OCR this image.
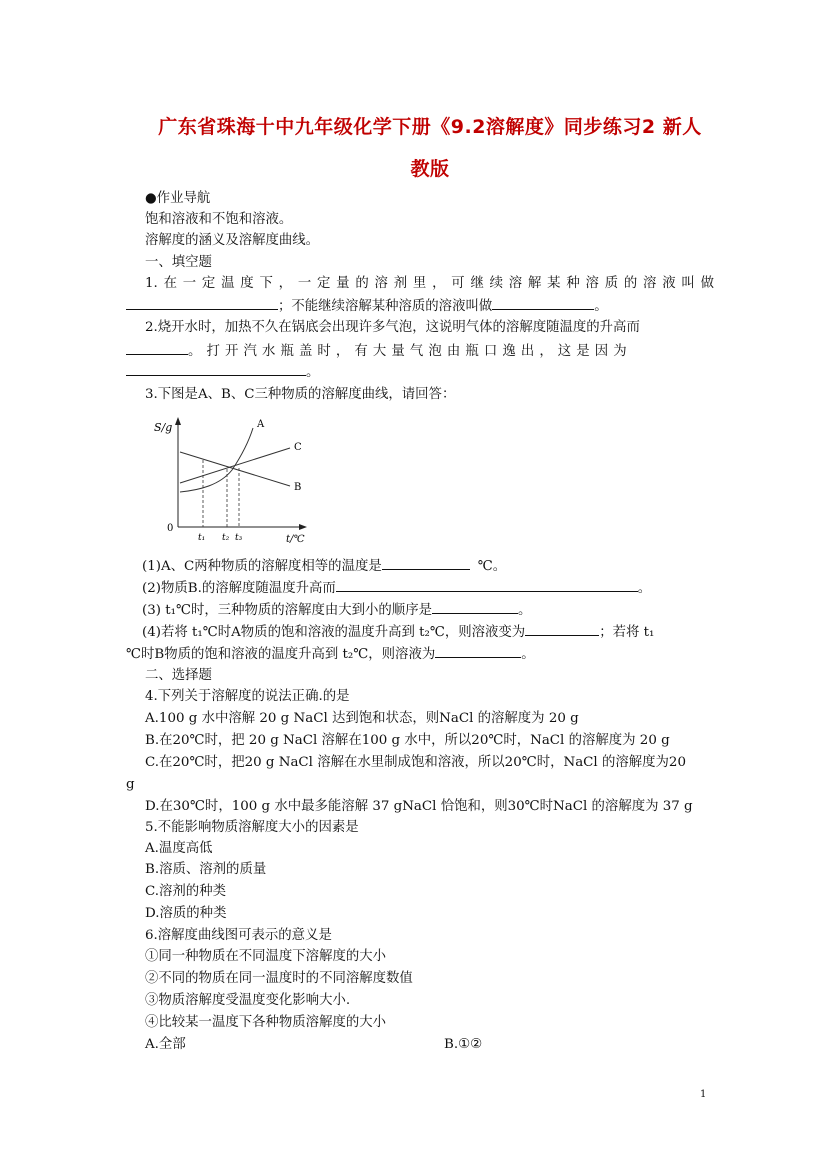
广东省珠海十中九年级化学下册《9.2溶解度》同步练习2 新人
教版
●作业导航
饱和溶液和不饱和溶液。
溶解度的涵义及溶解度曲线。
一、填空题
1.在一定温度下，一定量的溶剂里，可继续溶解某种溶质的溶液叫做
；不能继续溶解某种溶质的溶液叫做	。
2.烧开水时，加热不久在锅底会出现许多气泡，这说明气体的溶解度随温度的升高而
。打开汽水瓶盖时，有大量气泡由瓶口逸出，这是因为
。
3.下图是A、B、C三种物质的溶解度曲线，请回答：
S/g
t/℃
0
A
B
C
t₁ t₂ t₃
(1)A、C两种物质的溶解度相等的温度是	℃。
(2)物质B.的溶解度随温度升高而	。
(3) t₁℃时，三种物质的溶解度由大到小的顺序是	。
(4)若将 t₁℃时A物质的饱和溶液的温度升高到 t₂℃，则溶液变为	；若将 t₁
℃时B物质的饱和溶液的温度升高到 t₂℃，则溶液为	。
二、选择题
4.下列关于溶解度的说法正确.的是
A.100 g 水中溶解 20 g NaCl 达到饱和状态，则NaCl 的溶解度为 20 g
B.在20℃时，把 20 g NaCl 溶解在100 g 水中，所以20℃时，NaCl 的溶解度为 20 g
C.在20℃时，把20 g NaCl 溶解在水里制成饱和溶液，所以20℃时，NaCl 的溶解度为20
g
D.在30℃时，100 g 水中最多能溶解 37 gNaCl 恰饱和，则30℃时NaCl 的溶解度为 37 g
5.不能影响物质溶解度大小的因素是
A.温度高低
B.溶质、溶剂的质量
C.溶剂的种类
D.溶质的种类
6.溶解度曲线图可表示的意义是
①同一种物质在不同温度下溶解度的大小
②不同的物质在同一温度时的不同溶解度数值
③物质溶解度受温度变化影响大小.
④比较某一温度下各种物质溶解度的大小
A.全部	B.①②
1
